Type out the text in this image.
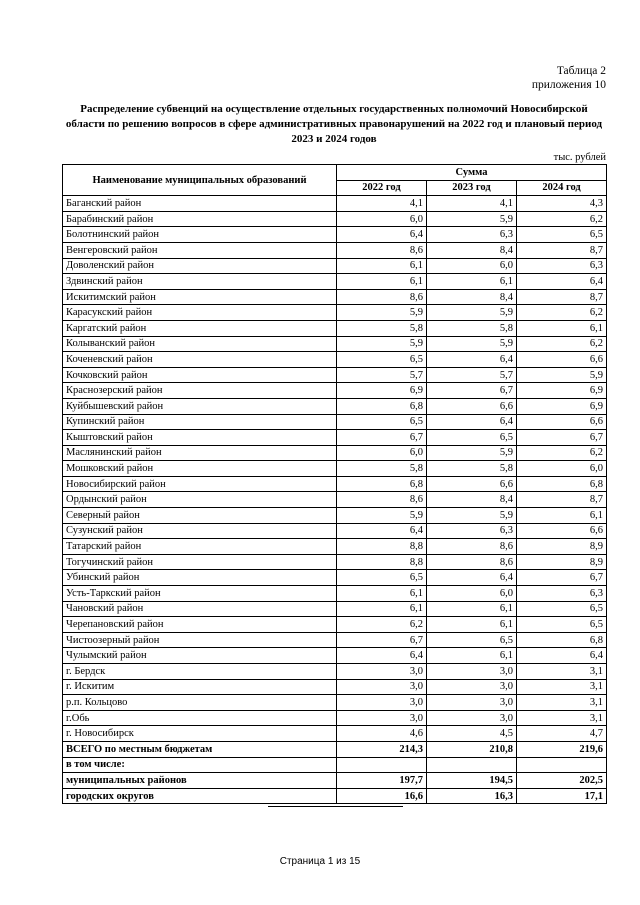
Таблица 2
приложения 10
Распределение субвенций на осуществление отдельных государственных полномочий Новосибирской области по решению вопросов в сфере административных правонарушений на 2022 год и плановый период 2023 и 2024 годов
тыс. рублей
Наименование муниципальных образований	Сумма		
	2022 год	2023 год	2024 год
Баганский район	4,1	4,1	4,3
Барабинский район	6,0	5,9	6,2
Болотнинский район	6,4	6,3	6,5
Венгеровский район	8,6	8,4	8,7
Доволенский район	6,1	6,0	6,3
Здвинский район	6,1	6,1	6,4
Искитимский район	8,6	8,4	8,7
Карасукский район	5,9	5,9	6,2
Каргатский район	5,8	5,8	6,1
Колыванский район	5,9	5,9	6,2
Коченевский район	6,5	6,4	6,6
Кочковский район	5,7	5,7	5,9
Краснозерский район	6,9	6,7	6,9
Куйбышевский район	6,8	6,6	6,9
Купинский район	6,5	6,4	6,6
Кыштовский район	6,7	6,5	6,7
Маслянинский район	6,0	5,9	6,2
Мошковский район	5,8	5,8	6,0
Новосибирский район	6,8	6,6	6,8
Ордынский район	8,6	8,4	8,7
Северный район	5,9	5,9	6,1
Сузунский район	6,4	6,3	6,6
Татарский район	8,8	8,6	8,9
Тогучинский район	8,8	8,6	8,9
Убинский район	6,5	6,4	6,7
Усть-Таркский район	6,1	6,0	6,3
Чановский район	6,1	6,1	6,5
Черепановский район	6,2	6,1	6,5
Чистоозерный район	6,7	6,5	6,8
Чулымский район	6,4	6,1	6,4
г. Бердск	3,0	3,0	3,1
г. Искитим	3,0	3,0	3,1
р.п. Кольцово	3,0	3,0	3,1
г.Обь	3,0	3,0	3,1
г. Новосибирск	4,6	4,5	4,7
ВСЕГО по местным бюджетам	214,3	210,8	219,6
в том числе:			
муниципальных районов	197,7	194,5	202,5
городских округов	16,6	16,3	17,1
Страница 1 из 15
